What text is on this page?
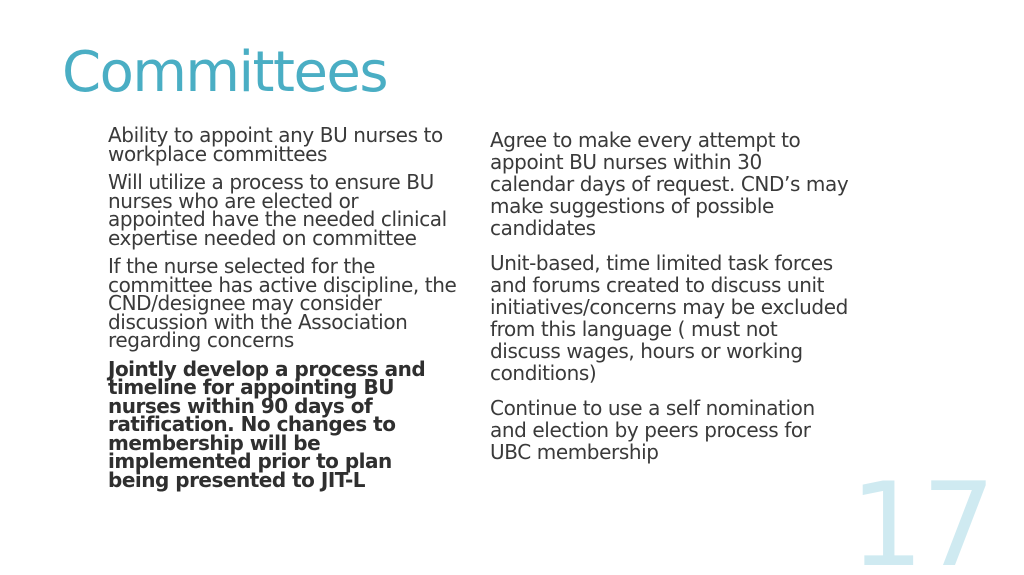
Committees

Ability to appoint any BU nurses to workplace committees

Will utilize a process to ensure BU nurses who are elected or appointed have the needed clinical expertise needed on committee

If the nurse selected for the committee has active discipline, the CND/designee may consider discussion with the Association regarding concerns

Jointly develop a process and timeline for appointing BU nurses within 90 days of ratification. No changes to membership will be implemented prior to plan being presented to JIT-L

Agree to make every attempt to appoint BU nurses within 30 calendar days of request. CND’s may make suggestions of possible candidates

Unit-based, time limited task forces and forums created to discuss unit initiatives/concerns may be excluded from this language ( must not discuss wages, hours or working conditions)

Continue to use a self nomination and election by peers process for UBC membership

17
